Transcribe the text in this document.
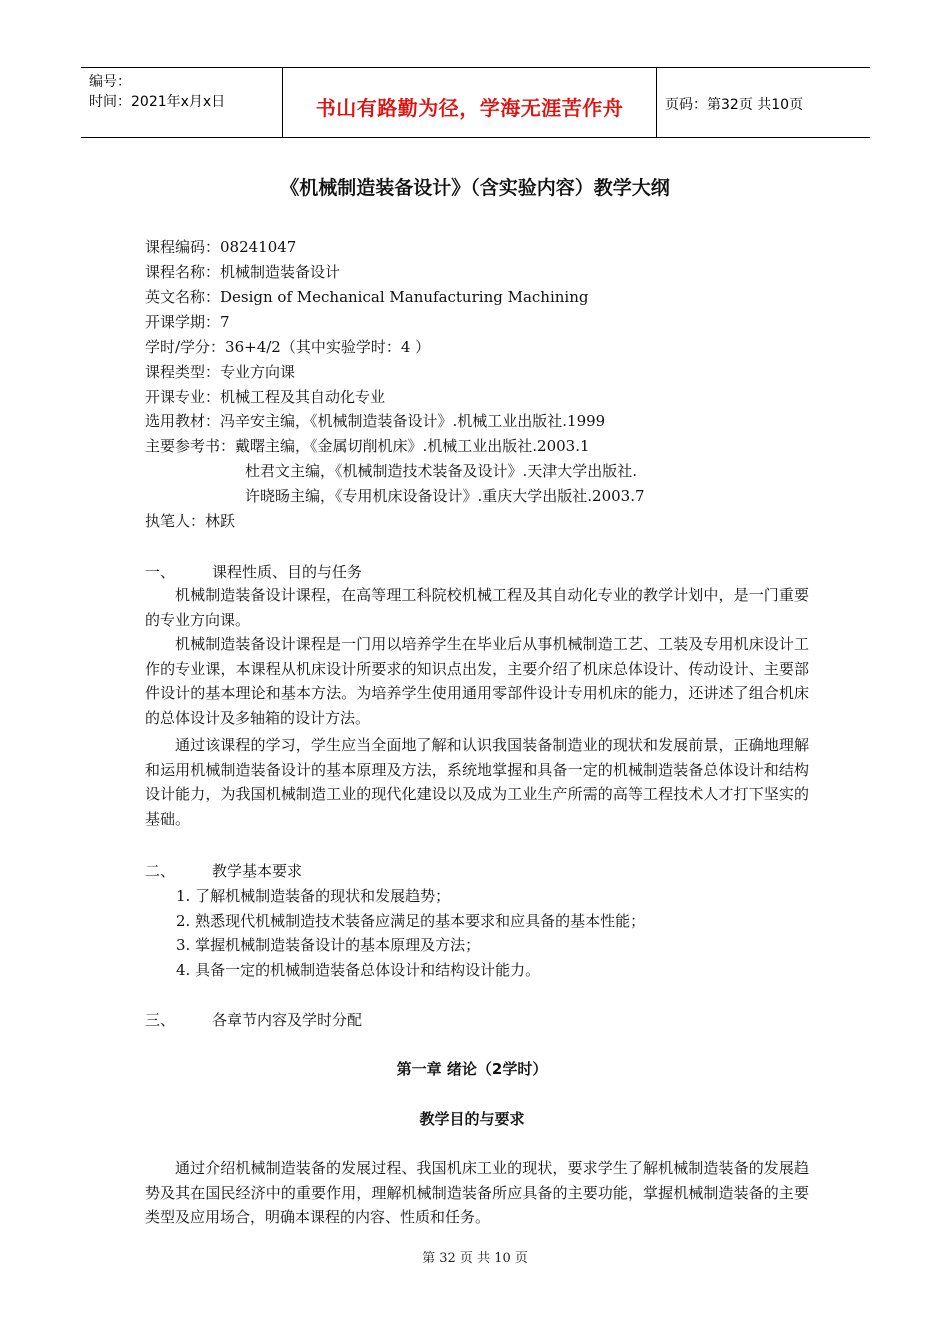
编号：
时间：2021年x月x日	书山有路勤为径，学海无涯苦作舟	页码：第32页 共10页
《机械制造装备设计》（含实验内容）教学大纲
课程编码：08241047
课程名称：机械制造装备设计
英文名称：Design of Mechanical Manufacturing Machining
开课学期：7
学时/学分：36+4/2（其中实验学时：4 ）
课程类型：专业方向课
开课专业：机械工程及其自动化专业
选用教材：冯辛安主编，《机械制造装备设计》.机械工业出版社.1999
主要参考书：戴曙主编，《金属切削机床》.机械工业出版社.2003.1
杜君文主编，《机械制造技术装备及设计》.天津大学出版社.
许晓旸主编，《专用机床设备设计》.重庆大学出版社.2003.7
执笔人：林跃
一、 课程性质、目的与任务
机械制造装备设计课程，在高等理工科院校机械工程及其自动化专业的教学计划中，是一门重要的专业方向课。
机械制造装备设计课程是一门用以培养学生在毕业后从事机械制造工艺、工装及专用机床设计工作的专业课，本课程从机床设计所要求的知识点出发，主要介绍了机床总体设计、传动设计、主要部件设计的基本理论和基本方法。为培养学生使用通用零部件设计专用机床的能力，还讲述了组合机床的总体设计及多轴箱的设计方法。
通过该课程的学习，学生应当全面地了解和认识我国装备制造业的现状和发展前景，正确地理解和运用机械制造装备设计的基本原理及方法，系统地掌握和具备一定的机械制造装备总体设计和结构设计能力，为我国机械制造工业的现代化建设以及成为工业生产所需的高等工程技术人才打下坚实的基础。
二、 教学基本要求
1. 了解机械制造装备的现状和发展趋势；
2. 熟悉现代机械制造技术装备应满足的基本要求和应具备的基本性能；
3. 掌握机械制造装备设计的基本原理及方法；
4. 具备一定的机械制造装备总体设计和结构设计能力。
三、 各章节内容及学时分配
第一章 绪论（2学时）
教学目的与要求
通过介绍机械制造装备的发展过程、我国机床工业的现状，要求学生了解机械制造装备的发展趋势及其在国民经济中的重要作用，理解机械制造装备所应具备的主要功能，掌握机械制造装备的主要类型及应用场合，明确本课程的内容、性质和任务。
第 32 页 共 10 页
